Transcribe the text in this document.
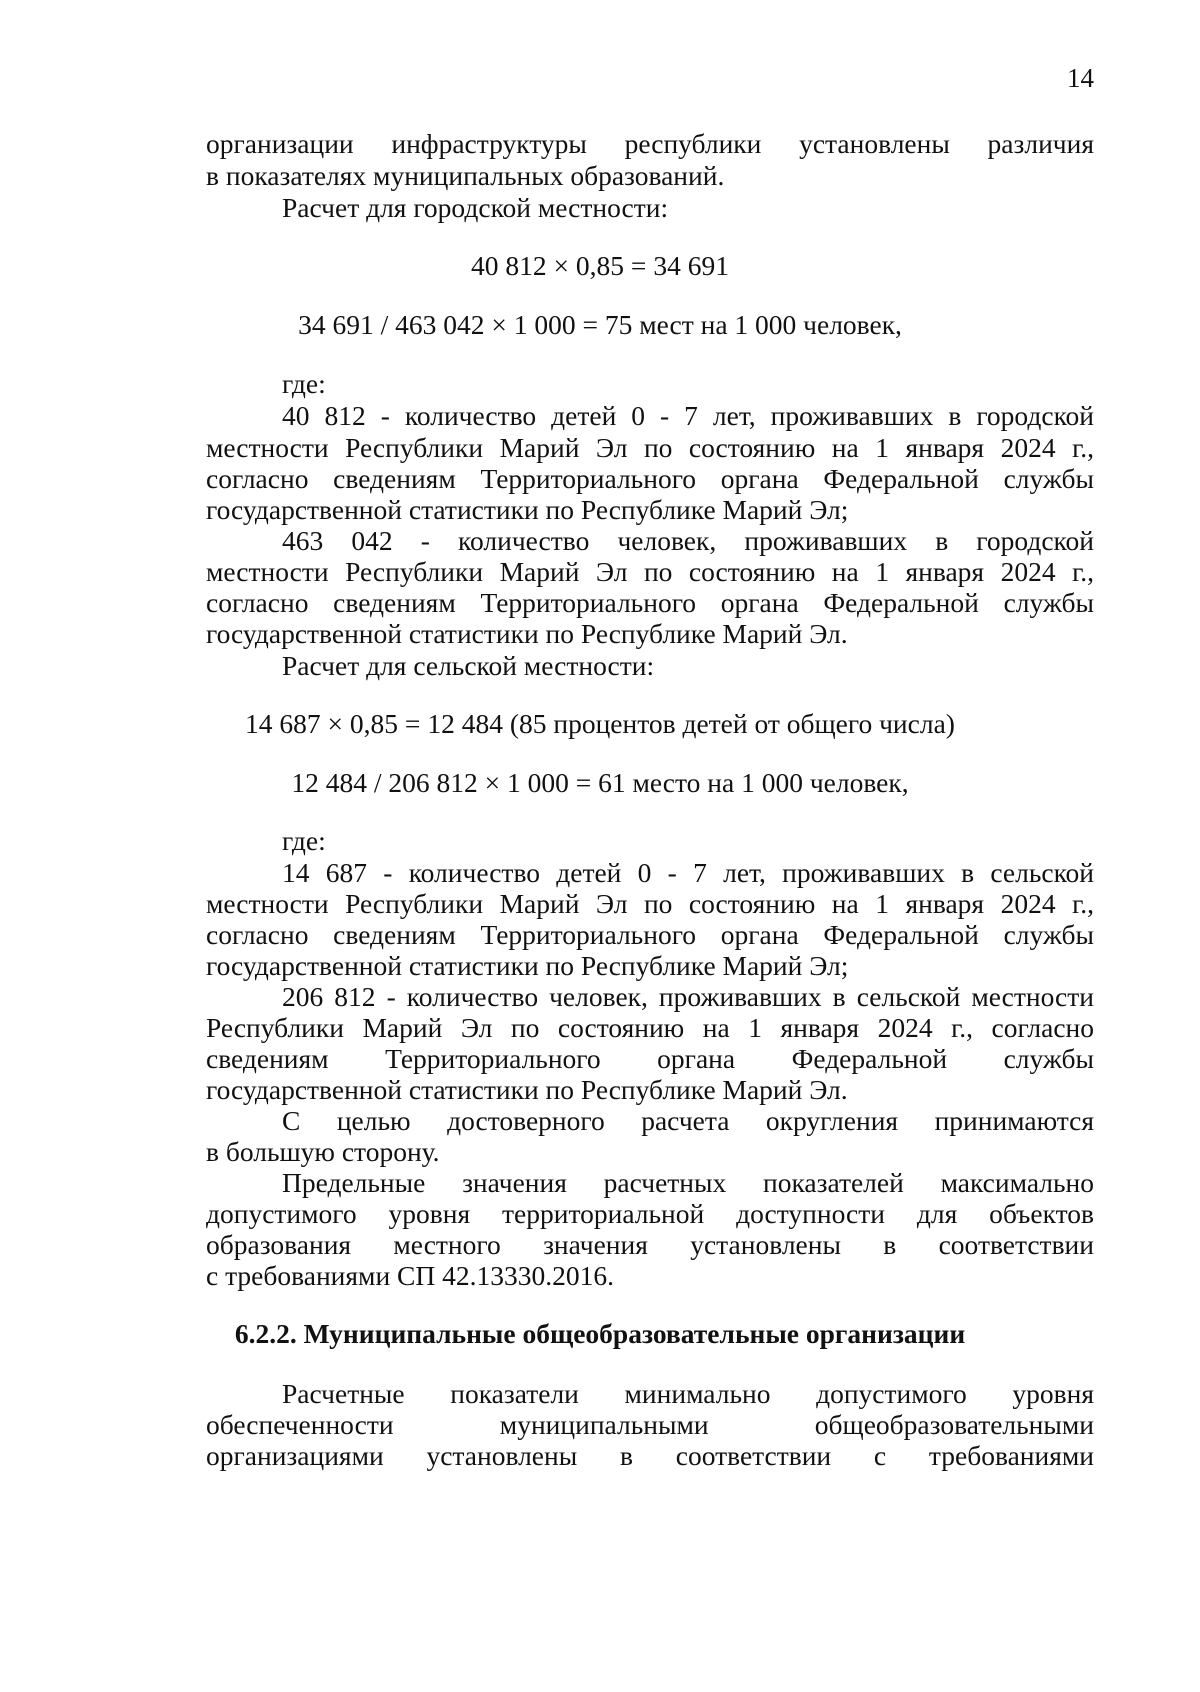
14
организации инфраструктуры республики установлены различия
в показателях муниципальных образований.
Расчет для городской местности:
40 812 × 0,85 = 34 691
34 691 / 463 042 × 1 000 = 75 мест на 1 000 человек,
где:
40 812 - количество детей 0 - 7 лет, проживавших в городской
местности Республики Марий Эл по состоянию на 1 января 2024 г.,
согласно сведениям Территориального органа Федеральной службы
государственной статистики по Республике Марий Эл;
463 042 - количество человек, проживавших в городской
местности Республики Марий Эл по состоянию на 1 января 2024 г.,
согласно сведениям Территориального органа Федеральной службы
государственной статистики по Республике Марий Эл.
Расчет для сельской местности:
14 687 × 0,85 = 12 484 (85 процентов детей от общего числа)
12 484 / 206 812 × 1 000 = 61 место на 1 000 человек,
где:
14 687 - количество детей 0 - 7 лет, проживавших в сельской
местности Республики Марий Эл по состоянию на 1 января 2024 г.,
согласно сведениям Территориального органа Федеральной службы
государственной статистики по Республике Марий Эл;
206 812 - количество человек, проживавших в сельской местности
Республики Марий Эл по состоянию на 1 января 2024 г., согласно
сведениям Территориального органа Федеральной службы
государственной статистики по Республике Марий Эл.
С целью достоверного расчета округления принимаются
в большую сторону.
Предельные значения расчетных показателей максимально
допустимого уровня территориальной доступности для объектов
образования местного значения установлены в соответствии
с требованиями СП 42.13330.2016.
6.2.2. Муниципальные общеобразовательные организации
Расчетные показатели минимально допустимого уровня
обеспеченности муниципальными общеобразовательными
организациями установлены в соответствии с требованиями
